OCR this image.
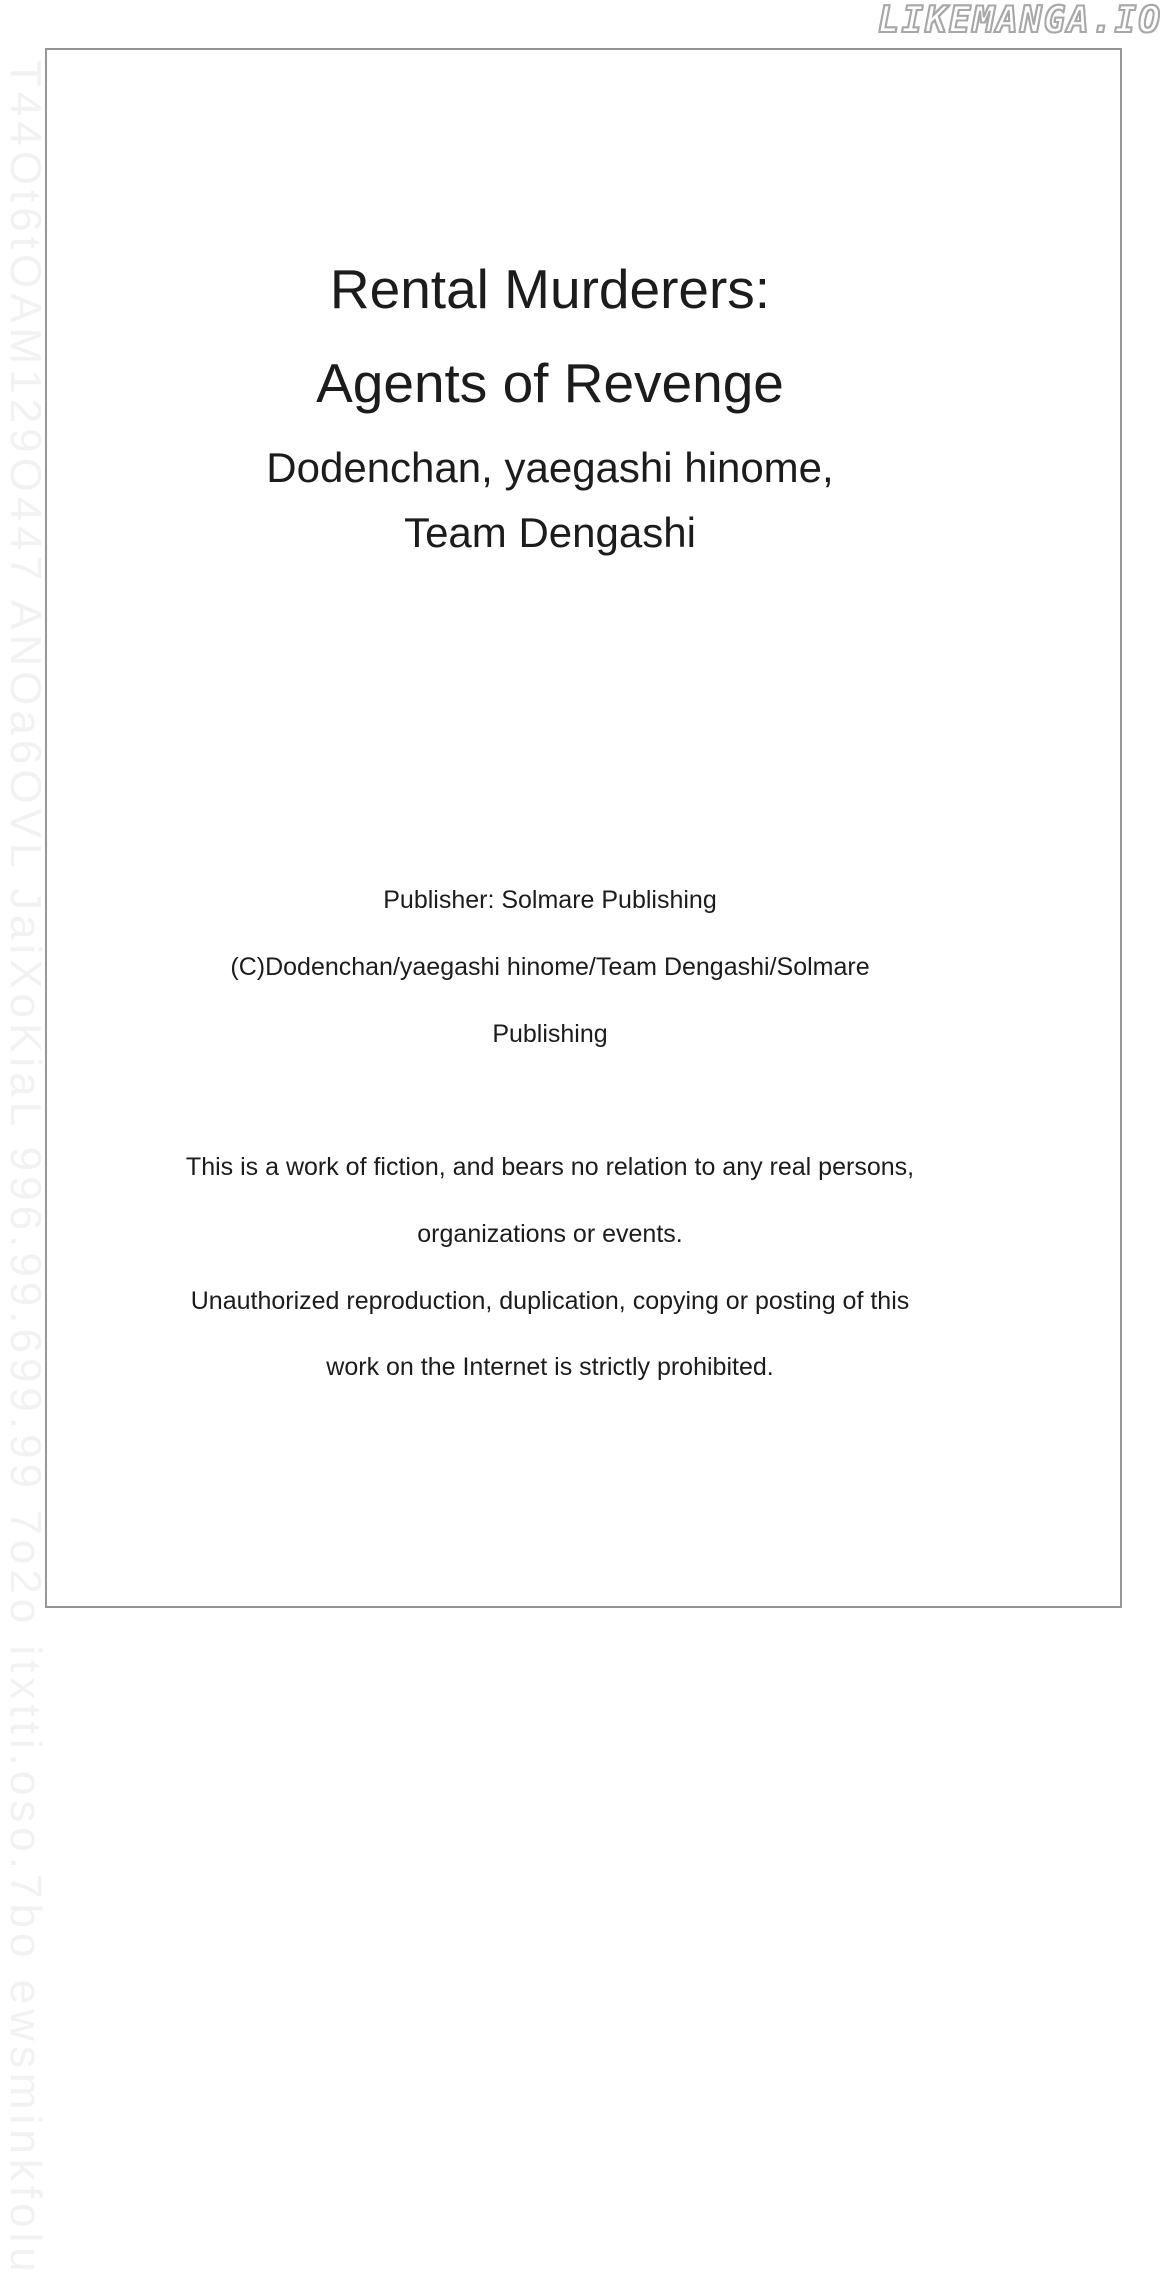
T44Ot6tOAM129O447 ANOa6OVL JaiXoKiaL 996.99.699.99 7o2o itxtti.oso.7bo ewsminkfolu
LIKEMANGA.IO
Rental Murderers:
Agents of Revenge
Dodenchan, yaegashi hinome,
Team Dengashi
Publisher: Solmare Publishing
(C)Dodenchan/yaegashi hinome/Team Dengashi/Solmare
Publishing
This is a work of fiction, and bears no relation to any real persons,
organizations or events.
Unauthorized reproduction, duplication, copying or posting of this
work on the Internet is strictly prohibited.
